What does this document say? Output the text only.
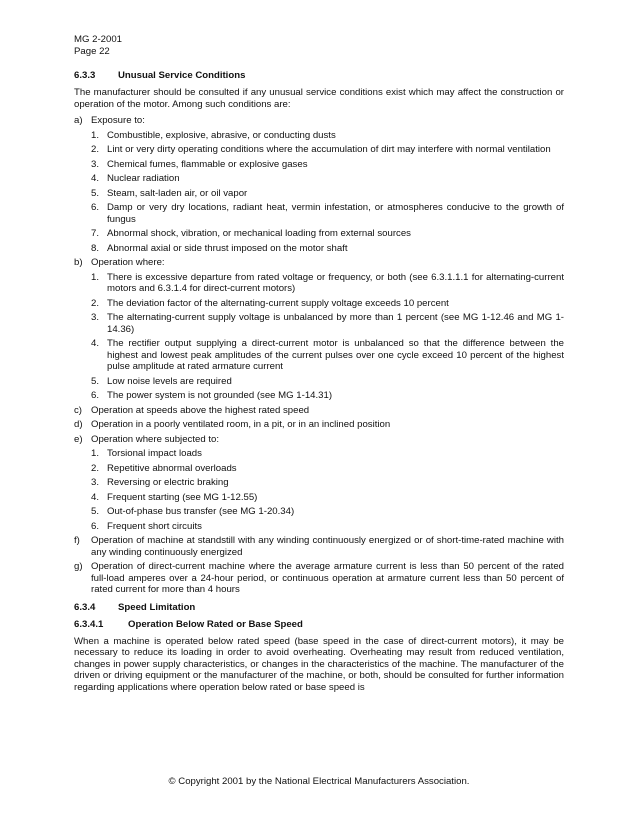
MG 2-2001
Page 22
6.3.3	Unusual Service Conditions

The manufacturer should be consulted if any unusual service conditions exist which may affect the construction or operation of the motor. Among such conditions are:

a) Exposure to:
1. Combustible, explosive, abrasive, or conducting dusts
2. Lint or very dirty operating conditions where the accumulation of dirt may interfere with normal ventilation
3. Chemical fumes, flammable or explosive gases
4. Nuclear radiation
5. Steam, salt-laden air, or oil vapor
6. Damp or very dry locations, radiant heat, vermin infestation, or atmospheres conducive to the growth of fungus
7. Abnormal shock, vibration, or mechanical loading from external sources
8. Abnormal axial or side thrust imposed on the motor shaft
b) Operation where:
1. There is excessive departure from rated voltage or frequency, or both (see 6.3.1.1.1 for alternating-current motors and 6.3.1.4 for direct-current motors)
2. The deviation factor of the alternating-current supply voltage exceeds 10 percent
3. The alternating-current supply voltage is unbalanced by more than 1 percent (see MG 1-12.46 and MG 1-14.36)
4. The rectifier output supplying a direct-current motor is unbalanced so that the difference between the highest and lowest peak amplitudes of the current pulses over one cycle exceed 10 percent of the highest pulse amplitude at rated armature current
5. Low noise levels are required
6. The power system is not grounded (see MG 1-14.31)
c) Operation at speeds above the highest rated speed
d) Operation in a poorly ventilated room, in a pit, or in an inclined position
e) Operation where subjected to:
1. Torsional impact loads
2. Repetitive abnormal overloads
3. Reversing or electric braking
4. Frequent starting (see MG 1-12.55)
5. Out-of-phase bus transfer (see MG 1-20.34)
6. Frequent short circuits
f)	Operation of machine at standstill with any winding continuously energized or of short-time-rated machine with any winding continuously energized
g) Operation of direct-current machine where the average armature current is less than 50 percent of the rated full-load amperes over a 24-hour period, or continuous operation at armature current less than 50 percent of rated current for more than 4 hours
6.3.4	Speed Limitation
6.3.4.1	Operation Below Rated or Base Speed

When a machine is operated below rated speed (base speed in the case of direct-current motors), it may be necessary to reduce its loading in order to avoid overheating. Overheating may result from reduced ventilation, changes in power supply characteristics, or changes in the characteristics of the machine. The manufacturer of the driven or driving equipment or the manufacturer of the machine, or both, should be consulted for further information regarding applications where operation below rated or base speed is

© Copyright 2001 by the National Electrical Manufacturers Association.
